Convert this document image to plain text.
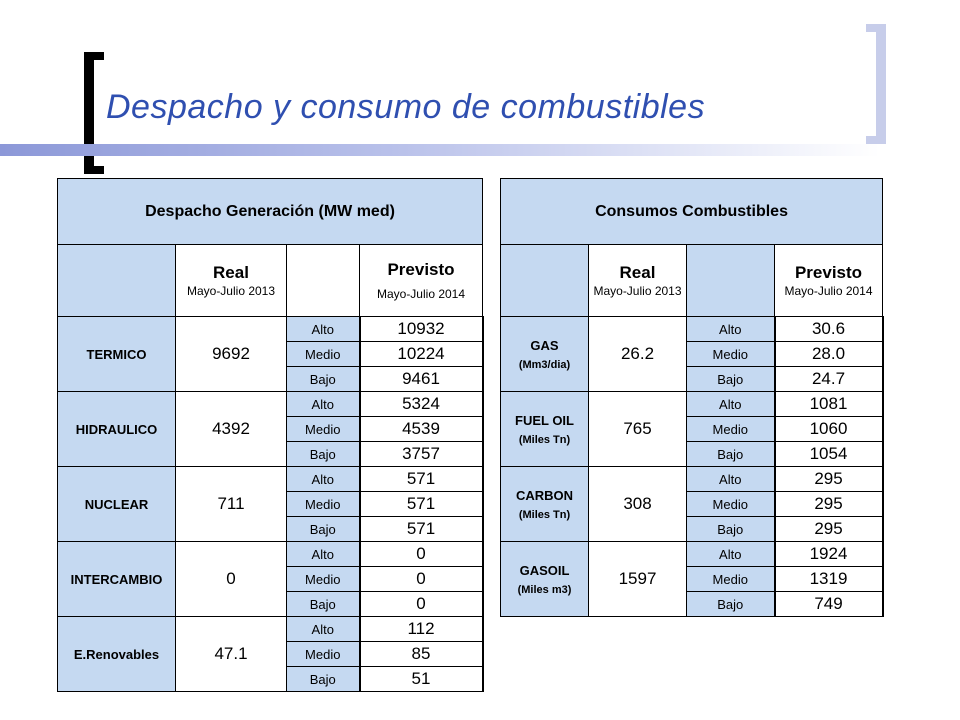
Despacho y consumo de combustibles
Despacho Generación (MW med)			

	Real
Mayo-Julio 2013		Previsto
Mayo-Julio 2014

TERMICO	9692	Alto	10932
		Medio	10224
		Bajo	9461
HIDRAULICO	4392	Alto	5324
		Medio	4539
		Bajo	3757
NUCLEAR	711	Alto	571
		Medio	571
		Bajo	571
INTERCAMBIO	0	Alto	0
		Medio	0
		Bajo	0
E.Renovables	47.1	Alto	112
		Medio	85
		Bajo	51
Consumos Combustibles			

	Real
Mayo-Julio 2013		Previsto
Mayo-Julio 2014

GAS
(Mm3/dia)	26.2	Alto	30.6
		Medio	28.0
		Bajo	24.7
FUEL OIL
(Miles Tn)	765	Alto	1081
		Medio	1060
		Bajo	1054
CARBON
(Miles Tn)	308	Alto	295
		Medio	295
		Bajo	295
GASOIL
(Miles m3)	1597	Alto	1924
		Medio	1319
		Bajo	749
